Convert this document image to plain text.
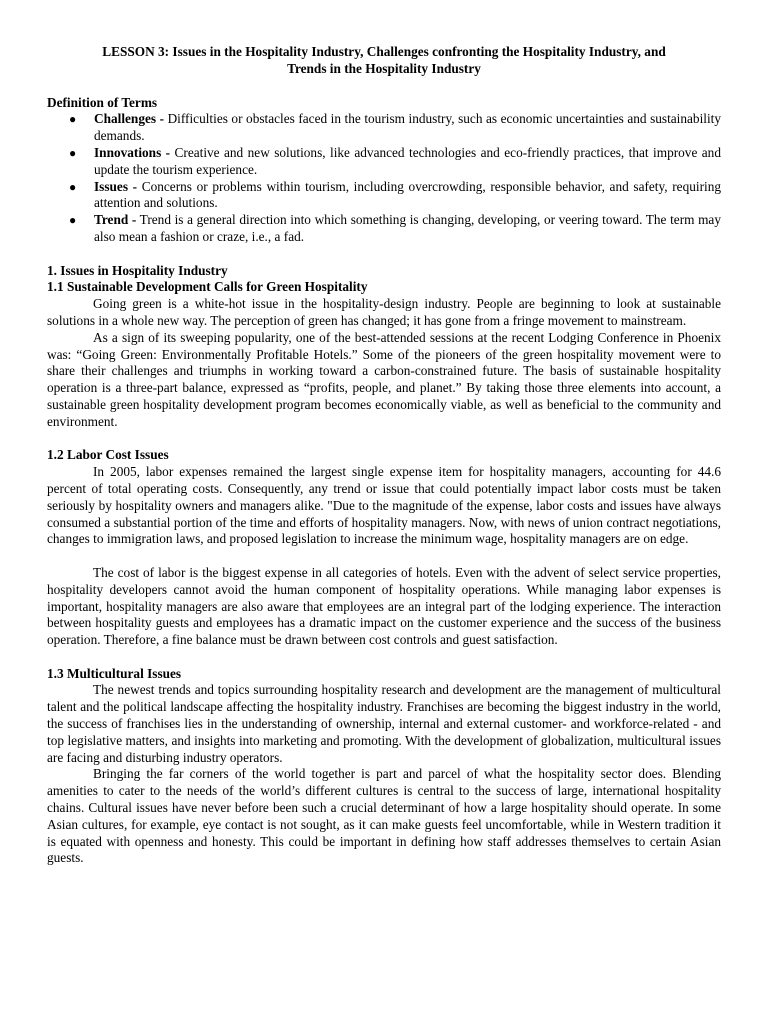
LESSON 3: Issues in the Hospitality Industry, Challenges confronting the Hospitality Industry, and
Trends in the Hospitality Industry
Definition of Terms
● Challenges - Difficulties or obstacles faced in the tourism industry, such as economic uncertainties and sustainability demands.
● Innovations - Creative and new solutions, like advanced technologies and eco-friendly practices, that improve and update the tourism experience.
● Issues - Concerns or problems within tourism, including overcrowding, responsible behavior, and safety, requiring attention and solutions.
● Trend - Trend is a general direction into which something is changing, developing, or veering toward. The term may also mean a fashion or craze, i.e., a fad.
1. Issues in Hospitality Industry
1.1 Sustainable Development Calls for Green Hospitality

Going green is a white-hot issue in the hospitality-design industry. People are beginning to look at sustainable solutions in a whole new way. The perception of green has changed; it has gone from a fringe movement to mainstream.

As a sign of its sweeping popularity, one of the best-attended sessions at the recent Lodging Conference in Phoenix was: “Going Green: Environmentally Profitable Hotels.” Some of the pioneers of the green hospitality movement were to share their challenges and triumphs in working toward a carbon-constrained future. The basis of sustainable hospitality operation is a three-part balance, expressed as “profits, people, and planet.” By taking those three elements into account, a sustainable green hospitality development program becomes economically viable, as well as beneficial to the community and environment.

1.2 Labor Cost Issues

In 2005, labor expenses remained the largest single expense item for hospitality managers, accounting for 44.6 percent of total operating costs. Consequently, any trend or issue that could potentially impact labor costs must be taken seriously by hospitality owners and managers alike. "Due to the magnitude of the expense, labor costs and issues have always consumed a substantial portion of the time and efforts of hospitality managers. Now, with news of union contract negotiations, changes to immigration laws, and proposed legislation to increase the minimum wage, hospitality managers are on edge.

The cost of labor is the biggest expense in all categories of hotels. Even with the advent of select service properties, hospitality developers cannot avoid the human component of hospitality operations. While managing labor expenses is important, hospitality managers are also aware that employees are an integral part of the lodging experience. The interaction between hospitality guests and employees has a dramatic impact on the customer experience and the success of the business operation. Therefore, a fine balance must be drawn between cost controls and guest satisfaction.

1.3 Multicultural Issues

The newest trends and topics surrounding hospitality research and development are the management of multicultural talent and the political landscape affecting the hospitality industry. Franchises are becoming the biggest industry in the world, the success of franchises lies in the understanding of ownership, internal and external customer- and workforce-related - and top legislative matters, and insights into marketing and promoting. With the development of globalization, multicultural issues are facing and disturbing industry operators.

Bringing the far corners of the world together is part and parcel of what the hospitality sector does. Blending amenities to cater to the needs of the world’s different cultures is central to the success of large, international hospitality chains. Cultural issues have never before been such a crucial determinant of how a large hospitality should operate. In some Asian cultures, for example, eye contact is not sought, as it can make guests feel uncomfortable, while in Western tradition it is equated with openness and honesty. This could be important in defining how staff addresses themselves to certain Asian guests.
